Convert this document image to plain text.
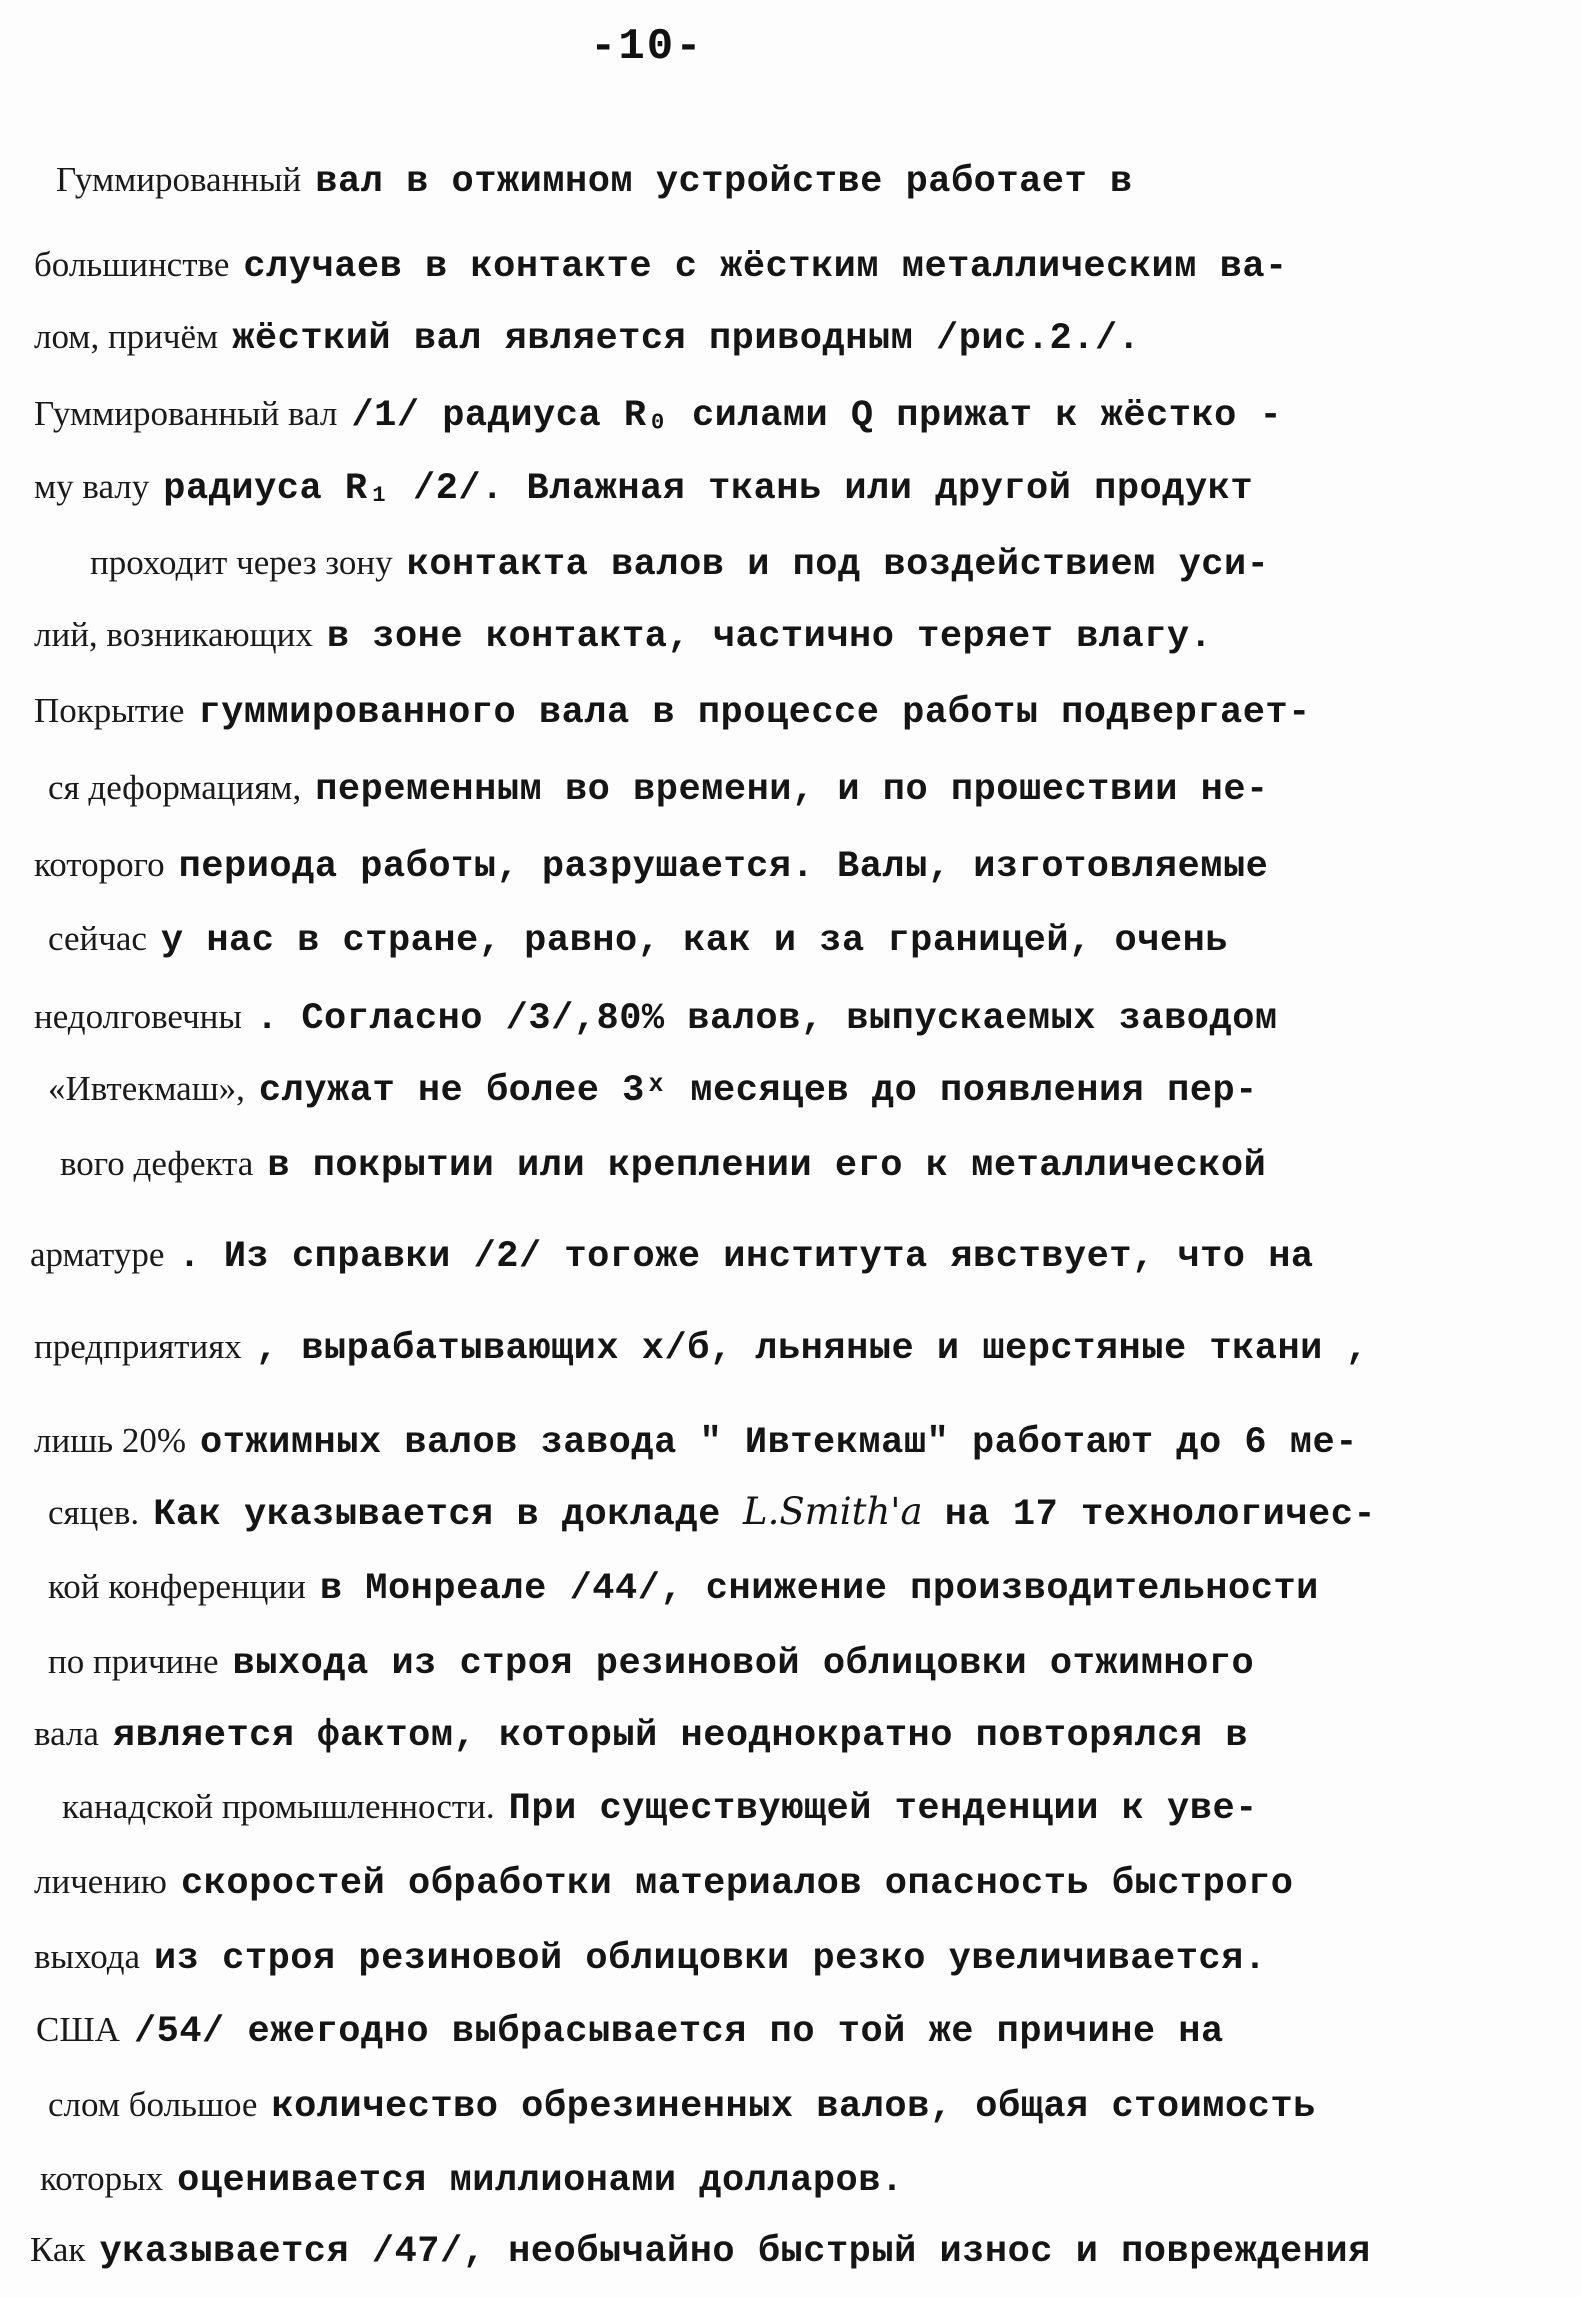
-10-
Гуммированный вал в отжимном устройстве работает в
большинстве случаев в контакте с жёстким металлическим ва-
лом, причём жёсткий вал является приводным /рис.2./.
Гуммированный вал /1/ радиуса R₀ силами Q прижат к жёстко -
му валу радиуса R₁ /2/. Влажная ткань или другой продукт
проходит через зону контакта валов и под воздействием уси-
лий, возникающих в зоне контакта, частично теряет влагу.
Покрытие гуммированного вала в процессе работы подвергает-
ся деформациям, переменным во времени, и по прошествии не-
которого периода работы, разрушается. Валы, изготовляемые
сейчас у нас в стране, равно, как и за границей, очень
недолговечны . Согласно /3/,80% валов, выпускаемых заводом
«Ивтекмаш», служат не более 3ˣ месяцев до появления пер-
вого дефекта в покрытии или креплении его к металлической
арматуре . Из справки /2/ тогоже института явствует, что на
предприятиях , вырабатывающих х/б, льняные и шерстяные ткани ,
лишь 20% отжимных валов завода " Ивтекмаш" работают до 6 ме-
сяцев. Как указывается в докладе L.Smith'a на 17 технологичес-
кой конференции в Монреале /44/, снижение производительности
по причине выхода из строя резиновой облицовки отжимного
вала является фактом, который неоднократно повторялся в
канадской промышленности. При существующей тенденции к уве-
личению скоростей обработки материалов опасность быстрого
выхода из строя резиновой облицовки резко увеличивается.
США /54/ ежегодно выбрасывается по той же причине на
слом большое количество обрезиненных валов, общая стоимость
которых оценивается миллионами долларов.
Как указывается /47/, необычайно быстрый износ и повреждения
